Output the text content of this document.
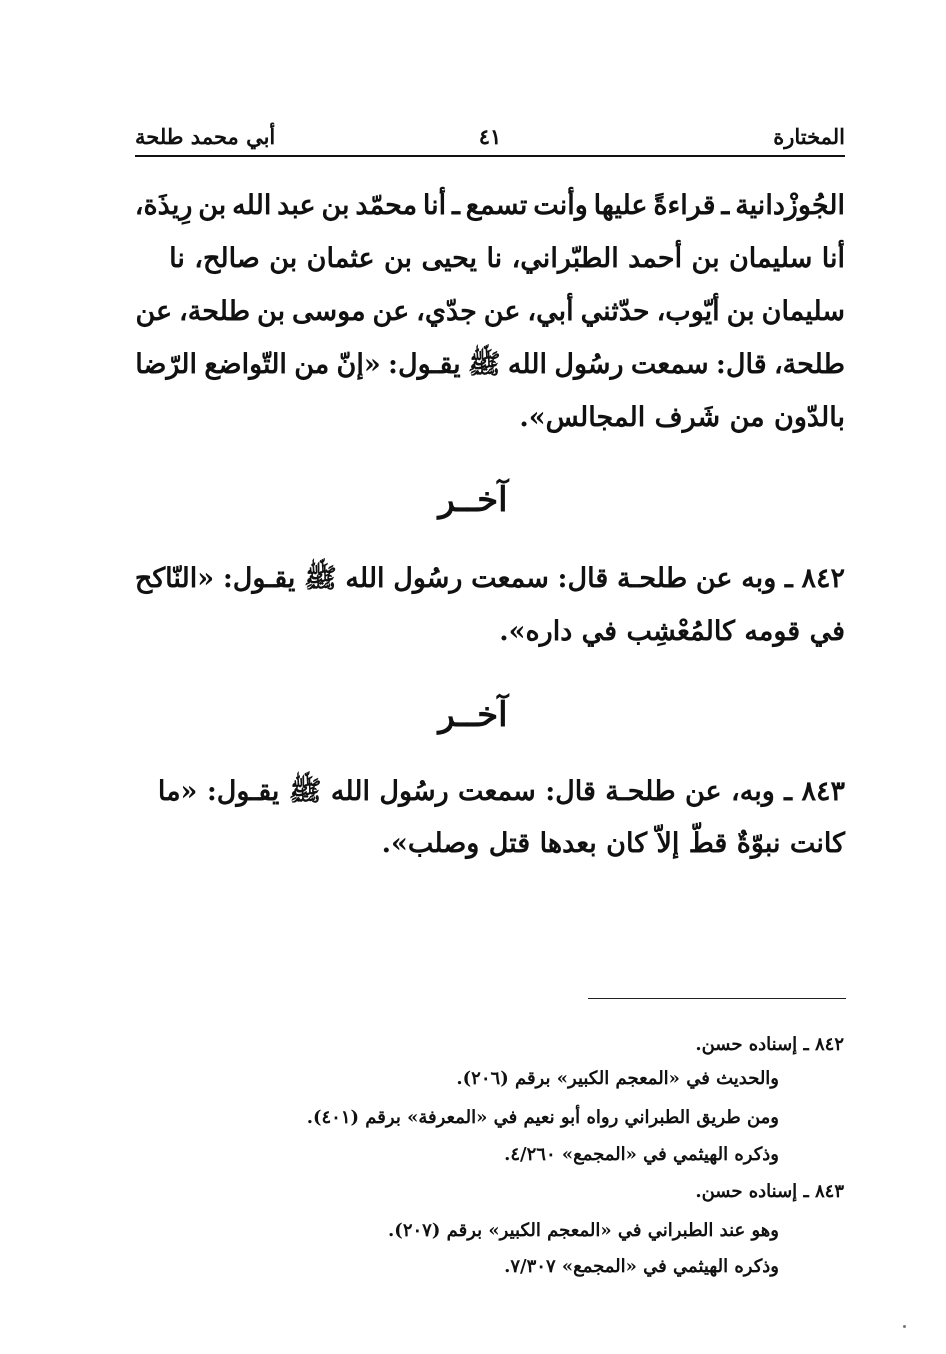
المختارة
٤١
أبي محمد طلحة
الجُوزْدانية ـ قراءةً عليها وأنت تسمع ـ أنا محمّد بن عبد الله بن رِيذَة،
أنا سليمان بن أحمد الطبّراني، نا يحيى بن عثمان بن صالح، نا
سليمان بن أيّوب، حدّثني أبي، عن جدّي، عن موسى بن طلحة، عن
طلحة، قال: سمعت رسُول الله ﷺ يقـول: «إنّ من التّواضع الرّضا
بالدّون من شَرف المجالس».
آخــر
٨٤٢ ـ وبه عن طلحـة قال: سمعت رسُول الله ﷺ يقـول: «النّاكح
في قومه كالمُعْشِب في داره».
آخــر
٨٤٣ ـ وبه، عن طلحـة قال: سمعت رسُول الله ﷺ يقـول: «ما
كانت نبوّةٌ قطّ إلاّ كان بعدها قتل وصلب».
٨٤٢ ـ إسناده حسن.
والحديث في «المعجم الكبير» برقم (٢٠٦).
ومن طريق الطبراني رواه أبو نعيم في «المعرفة» برقم (٤٠١).
وذكره الهيثمي في «المجمع» ٤/٢٦٠.
٨٤٣ ـ إسناده حسن.
وهو عند الطبراني في «المعجم الكبير» برقم (٢٠٧).
وذكره الهيثمي في «المجمع» ٧/٣٠٧.
